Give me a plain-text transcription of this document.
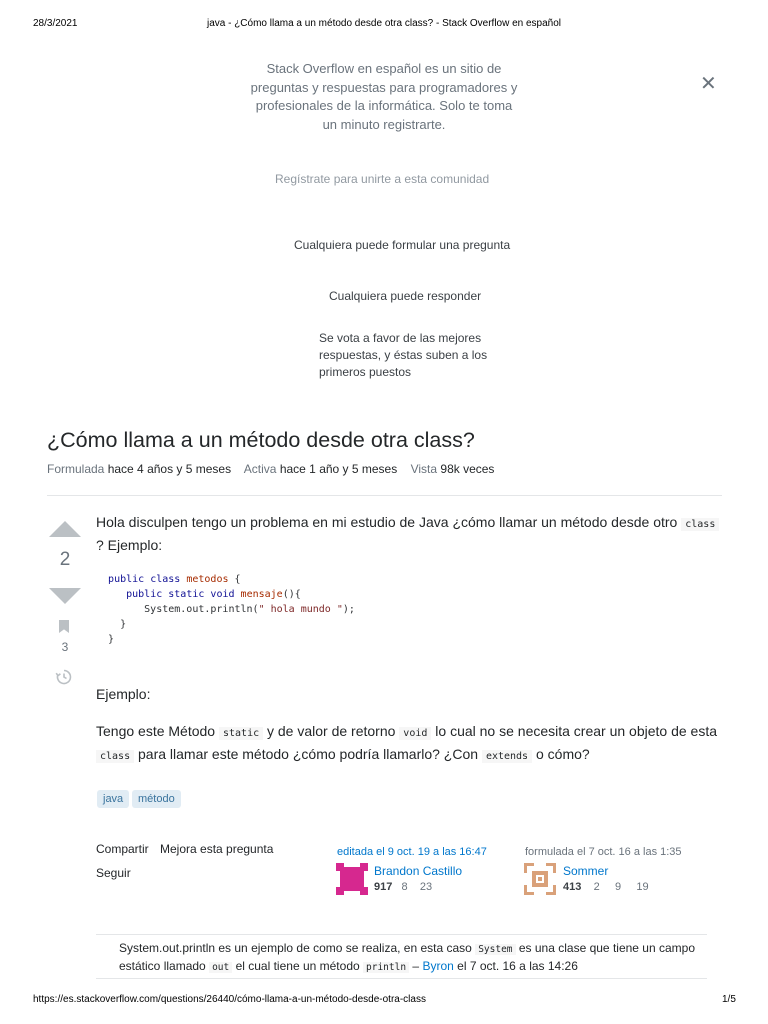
28/3/2021	java - ¿Cómo llama a un método desde otra class? - Stack Overflow en español
Stack Overflow en español es un sitio de preguntas y respuestas para programadores y profesionales de la informática. Solo te toma un minuto registrarte.
✕
Regístrate para unirte a esta comunidad
Cualquiera puede formular una pregunta
Cualquiera puede responder
Se vota a favor de las mejores respuestas, y éstas suben a los primeros puestos
¿Cómo llama a un método desde otra class?
Formulada hace 4 años y 5 meses Activa hace 1 año y 5 meses Vista 98k veces
2
3
Hola disculpen tengo un problema en mi estudio de Java ¿cómo llamar un método desde otro class ? Ejemplo:
public class metodos {
public static void mensaje(){
System.out.println(" hola mundo ");
}
}
Ejemplo:
Tengo este Método static y de valor de retorno void lo cual no se necesita crear un objeto de esta class para llamar este método ¿cómo podría llamarlo? ¿Con extends o cómo?
java	método
Compartir Mejora esta pregunta
Seguir
editada el 9 oct. 19 a las 16:47
Brandon Castillo
917 8 23
formulada el 7 oct. 16 a las 1:35
Sommer
413 2 9 19
System.out.println es un ejemplo de como se realiza, en esta caso System es una clase que tiene un campo estático llamado out el cual tiene un método println – Byron el 7 oct. 16 a las 14:26
https://es.stackoverflow.com/questions/26440/cómo-llama-a-un-método-desde-otra-class	1/5
